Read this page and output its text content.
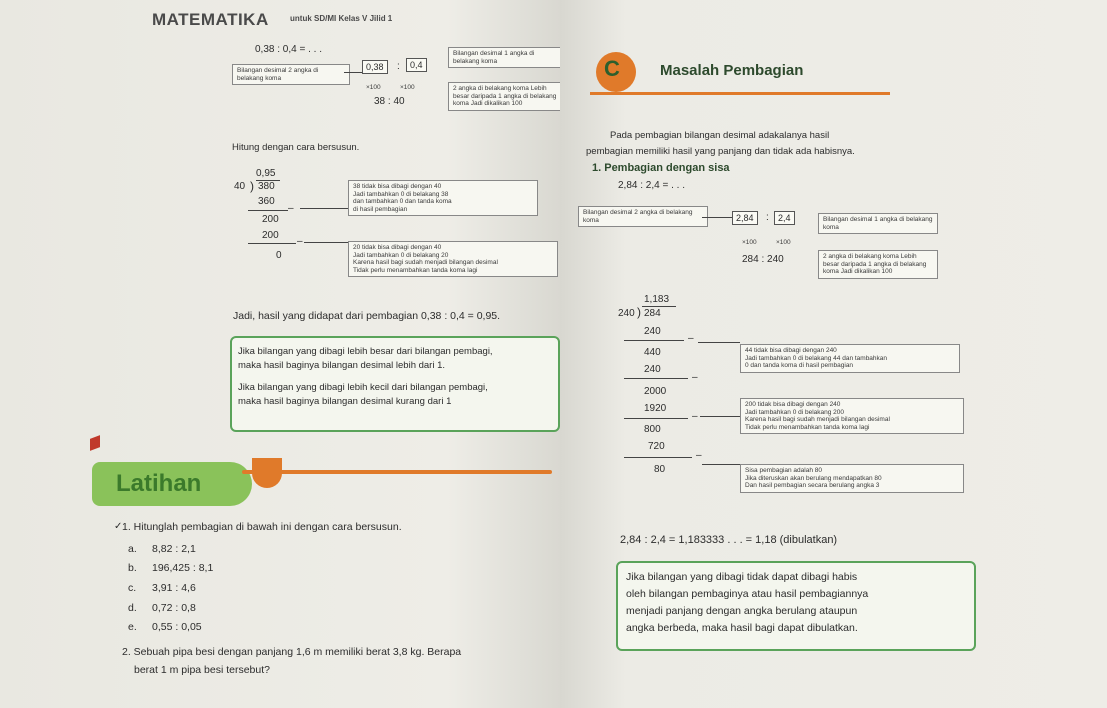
MATEMATIKA	untuk SD/MI Kelas V Jilid 1
0,38 : 0,4 = . . .
Bilangan desimal 2 angka di belakang koma
0,38	:	0,4
Bilangan desimal 1 angka di belakang koma
×100	×100
38 : 40
2 angka di belakang koma Lebih besar daripada 1 angka di belakang koma Jadi dikalikan 100
Hitung dengan cara bersusun.
0,95
40 ) 380
360
–
200
200
–
0
38 tidak bisa dibagi dengan 40
Jadi tambahkan 0 di belakang 38
dan tambahkan 0 dan tanda koma
di hasil pembagian
20 tidak bisa dibagi dengan 40
Jadi tambahkan 0 di belakang 20
Karena hasil bagi sudah menjadi bilangan desimal
Tidak perlu menambahkan tanda koma lagi
Jadi, hasil yang didapat dari pembagian 0,38 : 0,4 = 0,95.
Jika bilangan yang dibagi lebih besar dari bilangan pembagi,
maka hasil baginya bilangan desimal lebih dari 1.
Jika bilangan yang dibagi lebih kecil dari bilangan pembagi,
maka hasil baginya bilangan desimal kurang dari 1
Latihan
✓ 1. Hitunglah pembagian di bawah ini dengan cara bersusun.
a. 8,82 : 2,1
b. 196,425 : 8,1
c. 3,91 : 4,6
d. 0,72 : 0,8
e. 0,55 : 0,05
2. Sebuah pipa besi dengan panjang 1,6 m memiliki berat 3,8 kg. Berapa
berat 1 m pipa besi tersebut?
C	Masalah Pembagian
Pada pembagian bilangan desimal adakalanya hasil
pembagian memiliki hasil yang panjang dan tidak ada habisnya.
1. Pembagian dengan sisa
2,84 : 2,4 = . . .
Bilangan desimal 2 angka di belakang koma	2,84	:	2,4	Bilangan desimal 1 angka di belakang koma
×100	×100
284 : 240	2 angka di belakang koma Lebih besar daripada 1 angka di belakang koma Jadi dikalikan 100
1,183
240 ) 284
240
–
440
240
–
2000
1920
–
800
720
–
80
44 tidak bisa dibagi dengan 240
Jadi tambahkan 0 di belakang 44 dan tambahkan
0 dan tanda koma di hasil pembagian
200 tidak bisa dibagi dengan 240
Jadi tambahkan 0 di belakang 200
Karena hasil bagi sudah menjadi bilangan desimal
Tidak perlu menambahkan tanda koma lagi
Sisa pembagian adalah 80
Jika diteruskan akan berulang mendapatkan 80
Dan hasil pembagian secara berulang angka 3
2,84 : 2,4 = 1,183333 . . . = 1,18 (dibulatkan)
Jika bilangan yang dibagi tidak dapat dibagi habis
oleh bilangan pembaginya atau hasil pembagiannya
menjadi panjang dengan angka berulang ataupun
angka berbeda, maka hasil bagi dapat dibulatkan.
